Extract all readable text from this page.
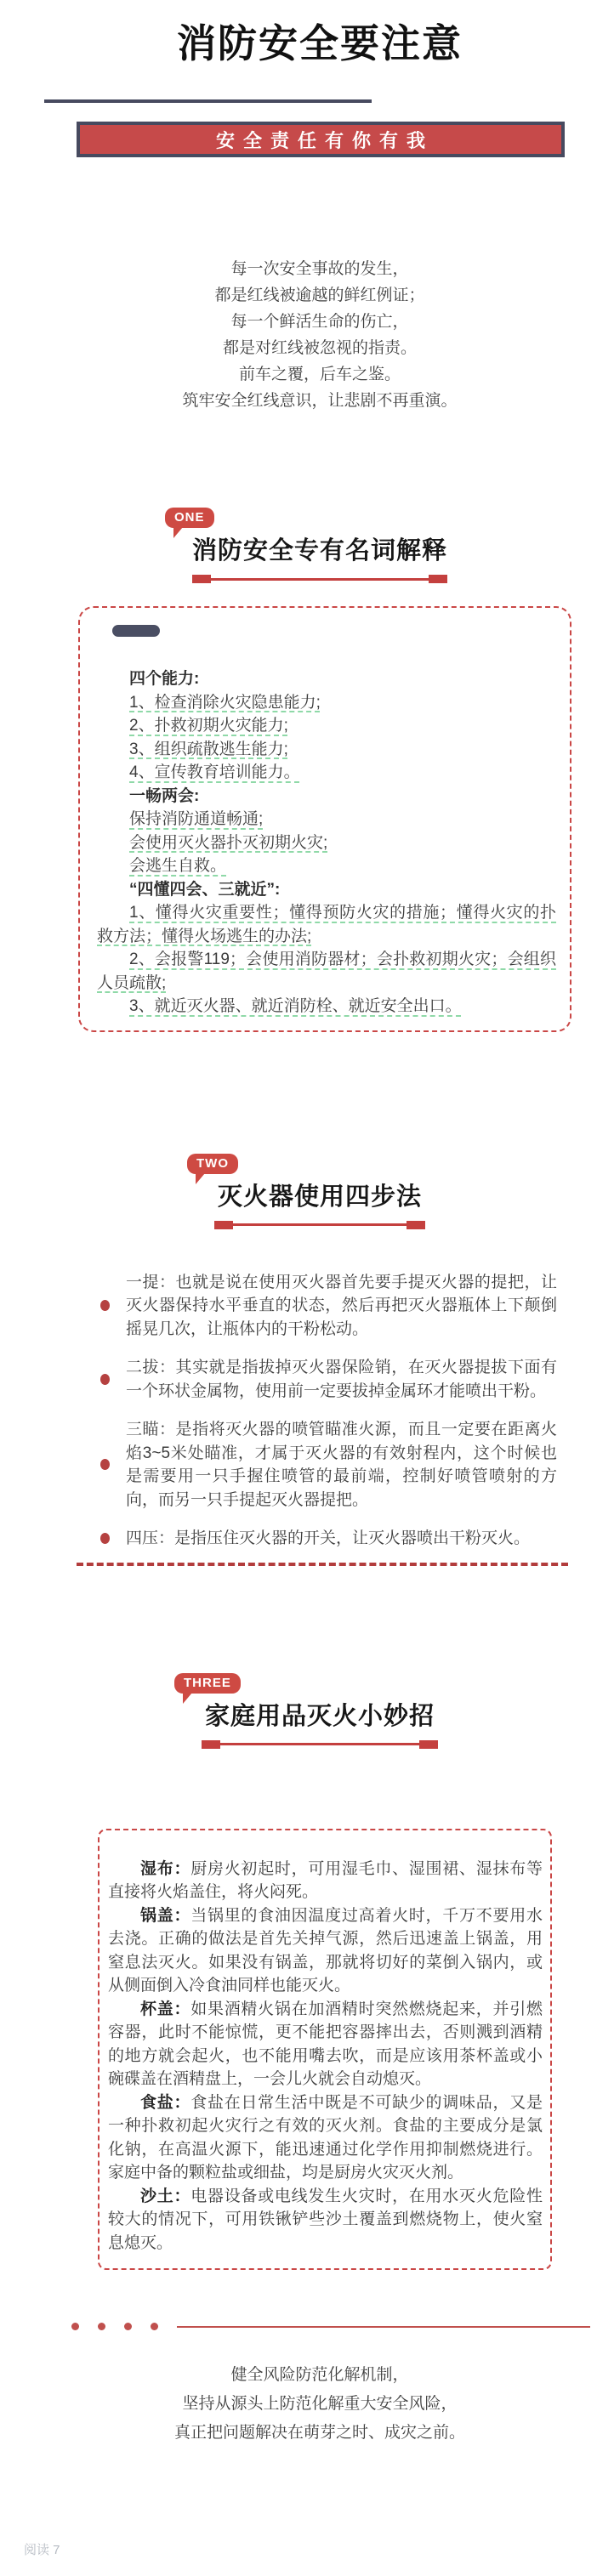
消防安全要注意
安全责任有你有我

每一次安全事故的发生，

都是红线被逾越的鲜红例证；

每一个鲜活生命的伤亡，

都是对红线被忽视的指责。

前车之覆，后车之鉴。

筑牢安全红线意识，让悲剧不再重演。

ONE
消防安全专有名词解释

四个能力:

1、检查消除火灾隐患能力;

2、扑救初期火灾能力;

3、组织疏散逃生能力;

4、宣传教育培训能力。

一畅两会:

保持消防通道畅通;

会使用灭火器扑灭初期火灾;

会逃生自救。

“四懂四会、三就近”:

1、懂得火灾重要性；懂得预防火灾的措施；懂得火灾的扑救方法；懂得火场逃生的办法;

2、会报警119；会使用消防器材；会扑救初期火灾；会组织人员疏散;

3、就近灭火器、就近消防栓、就近安全出口。

TWO
灭火器使用四步法
一提：也就是说在使用灭火器首先要手提灭火器的提把，让灭火器保持水平垂直的状态，然后再把灭火器瓶体上下颠倒摇晃几次，让瓶体内的干粉松动。
二拔：其实就是指拔掉灭火器保险销，在灭火器提拔下面有一个环状金属物，使用前一定要拔掉金属环才能喷出干粉。
三瞄：是指将灭火器的喷管瞄准火源，而且一定要在距离火焰3~5米处瞄准，才属于灭火器的有效射程内，这个时候也是需要用一只手握住喷管的最前端，控制好喷管喷射的方向，而另一只手提起灭火器提把。
四压：是指压住灭火器的开关，让灭火器喷出干粉灭火。
THREE
家庭用品灭火小妙招

湿布：厨房火初起时，可用湿毛巾、湿围裙、湿抹布等直接将火焰盖住，将火闷死。

锅盖：当锅里的食油因温度过高着火时，千万不要用水去浇。正确的做法是首先关掉气源，然后迅速盖上锅盖，用窒息法灭火。如果没有锅盖，那就将切好的菜倒入锅内，或从侧面倒入冷食油同样也能灭火。

杯盖：如果酒精火锅在加酒精时突然燃烧起来，并引燃容器，此时不能惊慌，更不能把容器摔出去，否则溅到酒精的地方就会起火，也不能用嘴去吹，而是应该用茶杯盖或小碗碟盖在酒精盘上，一会儿火就会自动熄灭。

食盐：食盐在日常生活中既是不可缺少的调味品，又是一种扑救初起火灾行之有效的灭火剂。食盐的主要成分是氯化钠，在高温火源下，能迅速通过化学作用抑制燃烧进行。家庭中备的颗粒盐或细盐，均是厨房火灾灭火剂。

沙土：电器设备或电线发生火灾时，在用水灭火危险性较大的情况下，可用铁锹铲些沙土覆盖到燃烧物上，使火窒息熄灭。

健全风险防范化解机制，

坚持从源头上防范化解重大安全风险，

真正把问题解决在萌芽之时、成灾之前。

阅读 7
